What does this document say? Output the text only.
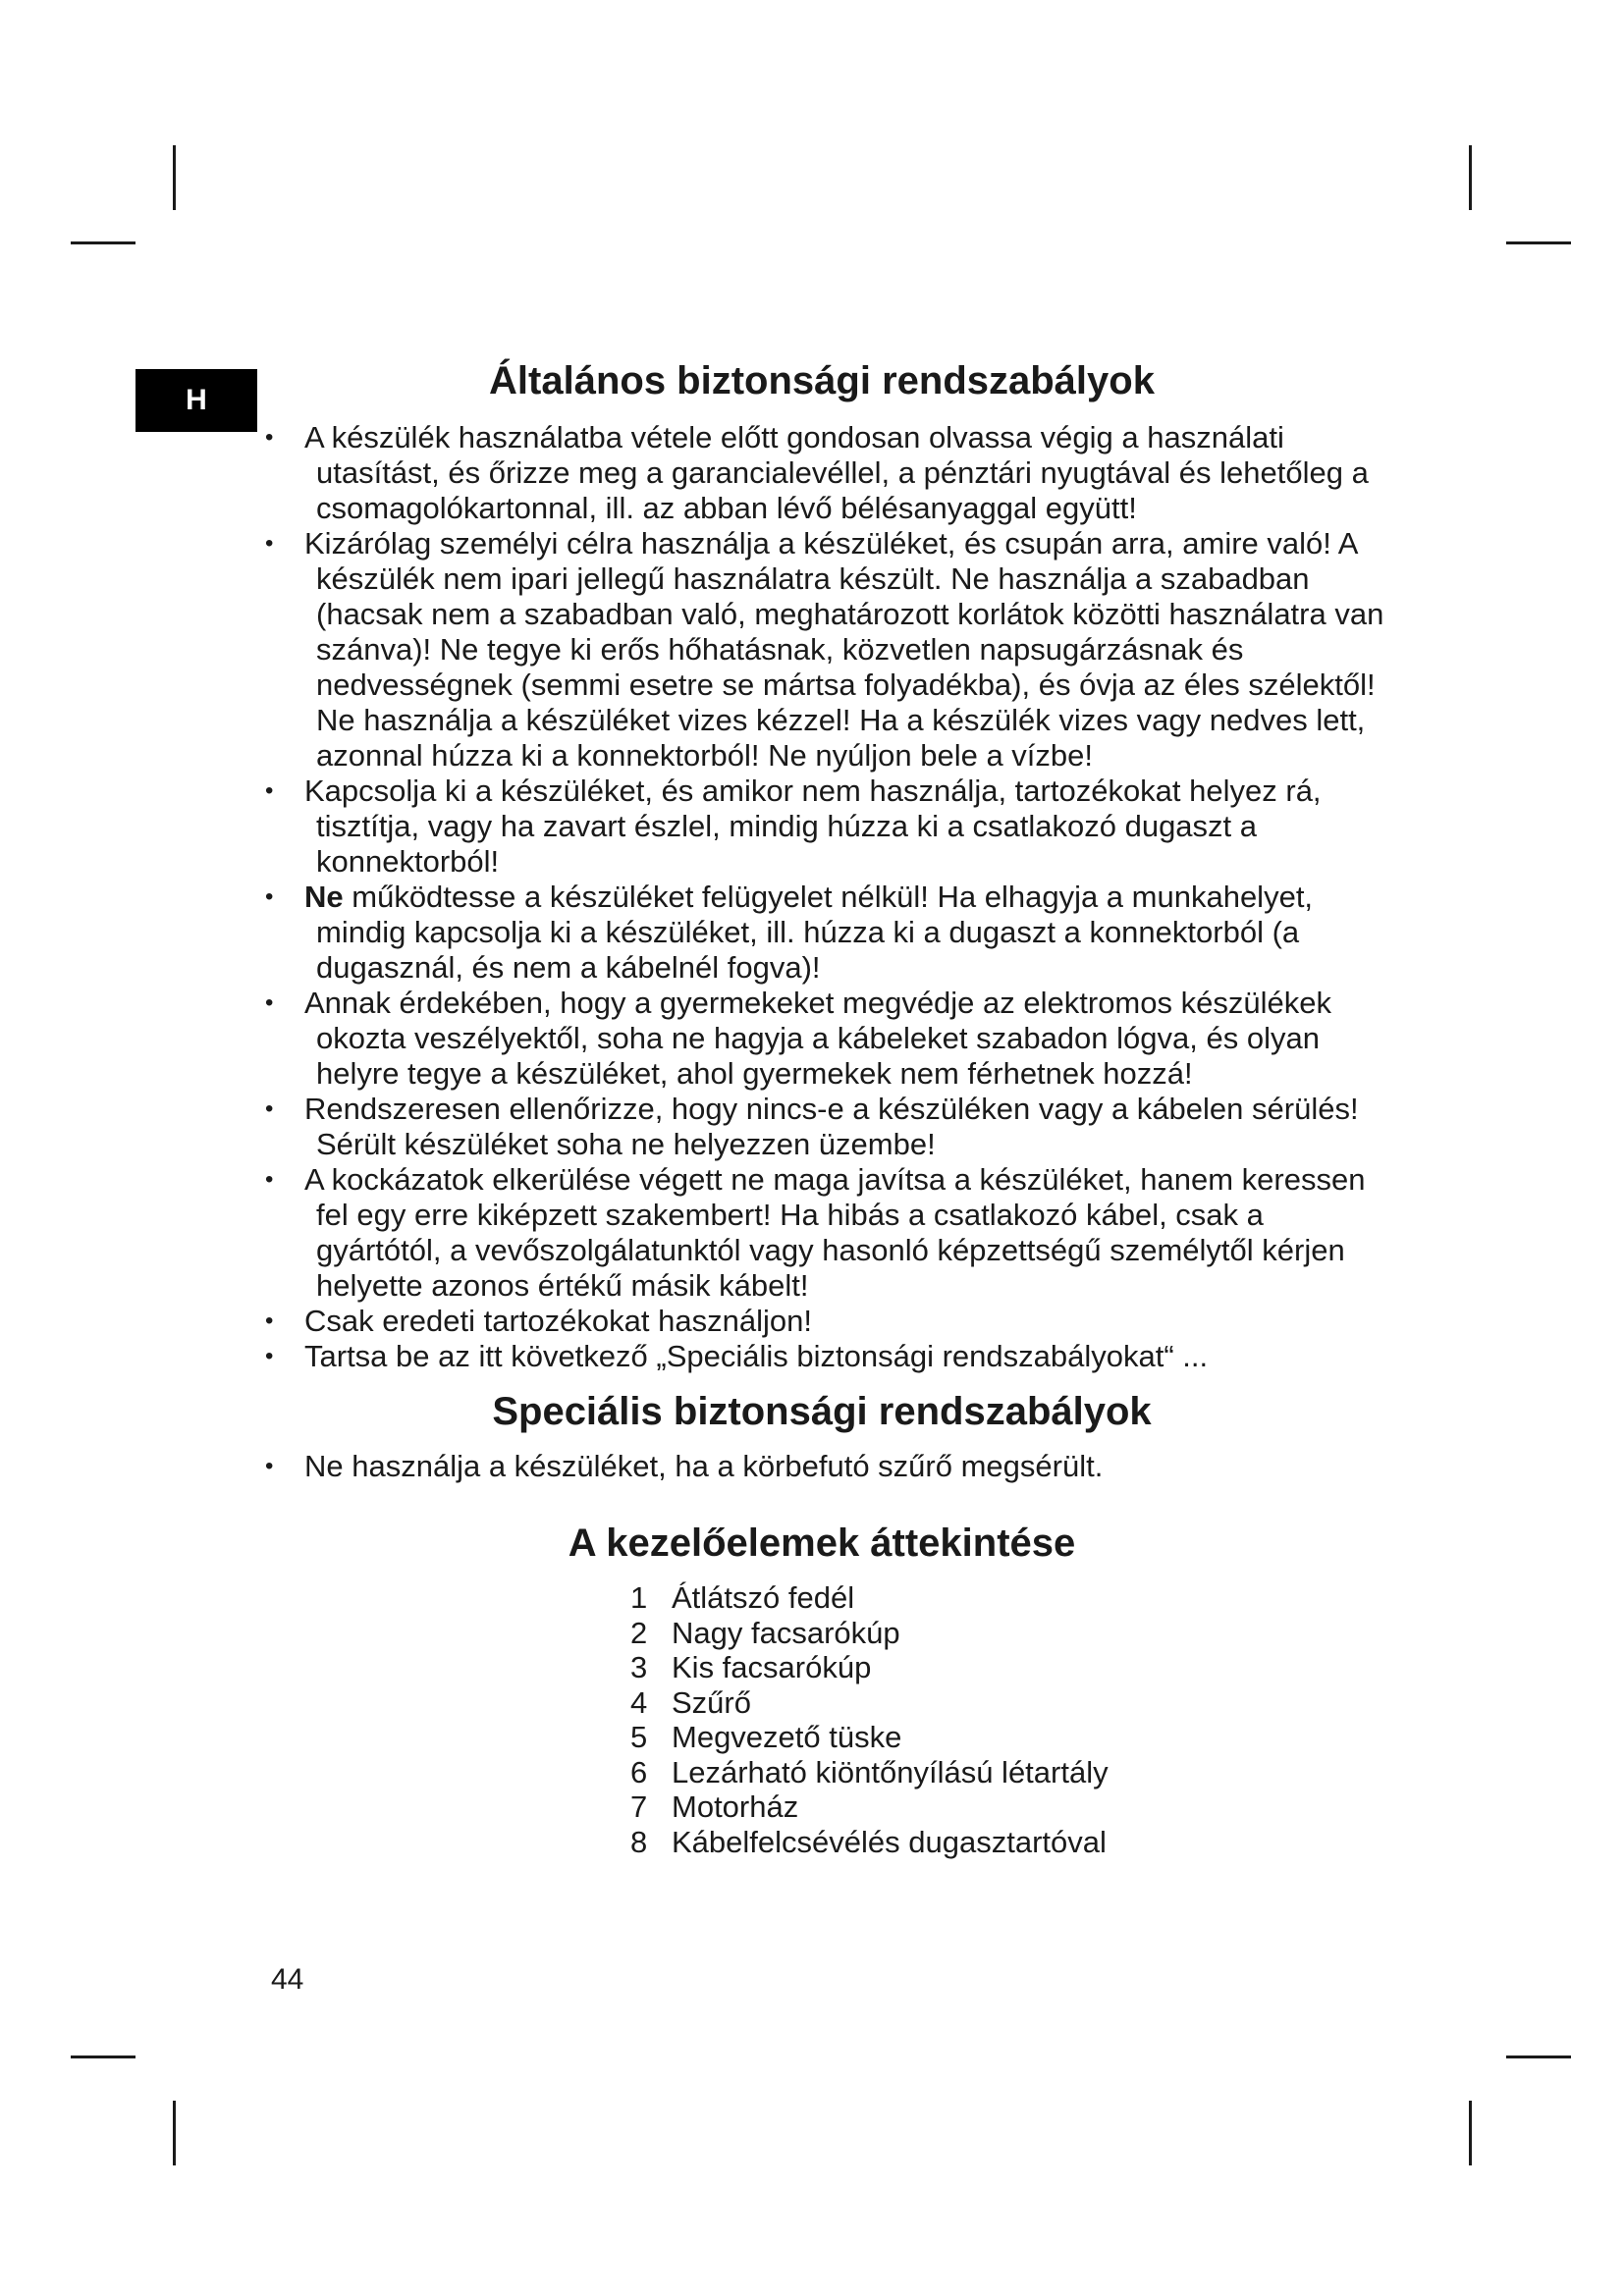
H	Általános biztonsági rendszabályok
• A készülék használatba vétele előtt gondosan olvassa végig a használati utasítást, és őrizze meg a garancialevéllel, a pénztári nyugtával és lehetőleg a csomagolókartonnal, ill. az abban lévő bélésanyaggal együtt!
• Kizárólag személyi célra használja a készüléket, és csupán arra, amire való! A készülék nem ipari jellegű használatra készült. Ne használja a szabadban (hacsak nem a szabadban való, meghatározott korlátok közötti használatra van szánva)! Ne tegye ki erős hőhatásnak, közvetlen napsugárzásnak és nedvességnek (semmi esetre se mártsa folyadékba), és óvja az éles szélektől! Ne használja a készüléket vizes kézzel! Ha a készülék vizes vagy nedves lett, azonnal húzza ki a konnektorból! Ne nyúljon bele a vízbe!
• Kapcsolja ki a készüléket, és amikor nem használja, tartozékokat helyez rá, tisztítja, vagy ha zavart észlel, mindig húzza ki a csatlakozó dugaszt a konnektorból!
• Ne működtesse a készüléket felügyelet nélkül! Ha elhagyja a munkahelyet, mindig kapcsolja ki a készüléket, ill. húzza ki a dugaszt a konnektorból (a dugasznál, és nem a kábelnél fogva)!
• Annak érdekében, hogy a gyermekeket megvédje az elektromos készülékek okozta veszélyektől, soha ne hagyja a kábeleket szabadon lógva, és olyan helyre tegye a készüléket, ahol gyermekek nem férhetnek hozzá!
• Rendszeresen ellenőrizze, hogy nincs-e a készüléken vagy a kábelen sérülés! Sérült készüléket soha ne helyezzen üzembe!
• A kockázatok elkerülése végett ne maga javítsa a készüléket, hanem keressen fel egy erre kiképzett szakembert! Ha hibás a csatlakozó kábel, csak a gyártótól, a vevőszolgálatunktól vagy hasonló képzettségű személytől kérjen helyette azonos értékű másik kábelt!
• Csak eredeti tartozékokat használjon!
• Tartsa be az itt következő „Speciális biztonsági rendszabályokat“ ...
Speciális biztonsági rendszabályok
• Ne használja a készüléket, ha a körbefutó szűrő megsérült.
A kezelőelemek áttekintése
1 Átlátszó fedél
2 Nagy facsarókúp
3 Kis facsarókúp
4 Szűrő
5 Megvezető tüske
6 Lezárható kiöntőnyílású létartály
7 Motorház
8 Kábelfelcsévélés dugasztartóval
44
